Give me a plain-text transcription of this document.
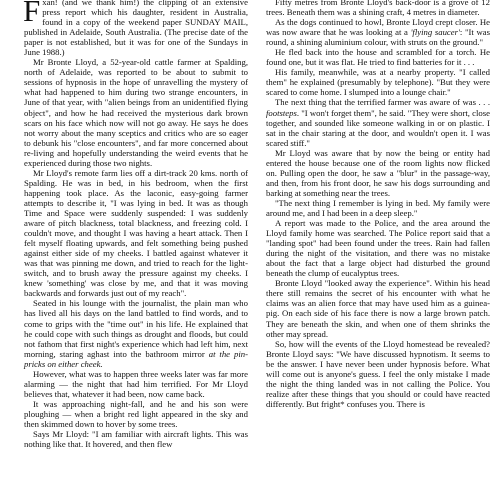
Fxan! (and we thank him!) the clipping of an extensive press report which his daughter, resident in Australia, found in a copy of the weekend paper SUNDAY MAIL, published in Adelaide, South Australia. (The precise date of the paper is not established, but it was for one of the Sundays in June 1988.)

Mr Bronte Lloyd, a 52-year-old cattle farmer at Spalding, north of Adelaide, was reported to be about to submit to sessions of hypnosis in the hope of unravelling the mystery of what had happened to him during two strange encounters, in June of that year, with "alien beings from an unidentified flying object", and how he had received the mysterious dark brown scars on his face which now will not go away. He says he does not worry about the many sceptics and critics who are so eager to debunk his "close encounters", and far more concerned about re-living and hopefully understanding the weird events that he experienced during those two nights.

Mr Lloyd's remote farm lies off a dirt-track 20 kms. north of Spalding. He was in bed, in his bedroom, when the first happening took place. As the laconic, easy-going farmer attempts to describe it, "I was lying in bed. It was as though Time and Space were suddenly suspended: I was suddenly aware of pitch blackness, total blackness, and freezing cold. I couldn't move, and thought I was having a heart attack. Then I felt myself floating upwards, and felt something being pushed against either side of my cheeks. I battled against whatever it was that was pinning me down, and tried to reach for the light-switch, and to brush away the pressure against my cheeks. I knew 'something' was close by me, and that it was moving backwards and forwards just out of my reach".

Seated in his lounge with the journalist, the plain man who has lived all his days on the land battled to find words, and to come to grips with the "time out" in his life. He explained that he could cope with such things as drought and floods, but could not fathom that first night's experience which had left him, next morning, staring aghast into the bathroom mirror at the pin-pricks on either cheek.

However, what was to happen three weeks later was far more alarming — the night that had him terrified. For Mr Lloyd believes that, whatever it had been, now came back.

It was approaching night-fall, and he and his son were ploughing — when a bright red light appeared in the sky and then skimmed down to hover by some trees.

Says Mr Lloyd: "I am familiar with aircraft lights. This was nothing like that. It hovered, and then flew

Fifty metres from Bronte Lloyd's back-door is a grove of 12 trees. Beneath them was a shining craft, 4 metres in diameter.

As the dogs continued to howl, Bronte Lloyd crept closer. He was now aware that he was looking at a 'flying saucer': "It was round, a shining aluminium colour, with struts on the ground."

He fled back into the house and scrambled for a torch. He found one, but it was flat. He tried to find batteries for it . . .

His family, meanwhile, was at a nearby property. "I called them" he explained (presumably by telephone). "But they were scared to come home. I slumped into a lounge chair."

The next thing that the terrified farmer was aware of was . . . footsteps. "I won't forget them", he said. "They were short, close together, and sounded like someone walking in or on plastic. I sat in the chair staring at the door, and wouldn't open it. I was scared stiff."

Mr Lloyd was aware that by now the being or entity had entered the house because one of the room lights now flicked on. Pulling open the door, he saw a "blur" in the passage-way, and then, from his front door, he saw his dogs surrounding and barking at something near the trees.

"The next thing I remember is lying in bed. My family were around me, and I had been in a deep sleep."

A report was made to the Police, and the area around the Lloyd family home was searched. The Police report said that a "landing spot" had been found under the trees. Rain had fallen during the night of the visitation, and there was no mistake about the fact that a large object had disturbed the ground beneath the clump of eucalyptus trees.

Bronte Lloyd "looked away the experience". Within his head there still remains the secret of his encounter with what he claims was an alien force that may have used him as a guinea-pig. On each side of his face there is now a large brown patch. They are beneath the skin, and when one of them shrinks the other may spread.

So, how will the events of the Lloyd homestead be revealed? Bronte Lloyd says: "We have discussed hypnotism. It seems to be the answer. I have never been under hypnosis before. What will come out is anyone's guess. I feel the only mistake I made the night the thing landed was in not calling the Police. You realize after these things that you should or could have reacted differently. But fright* confuses you. There is
